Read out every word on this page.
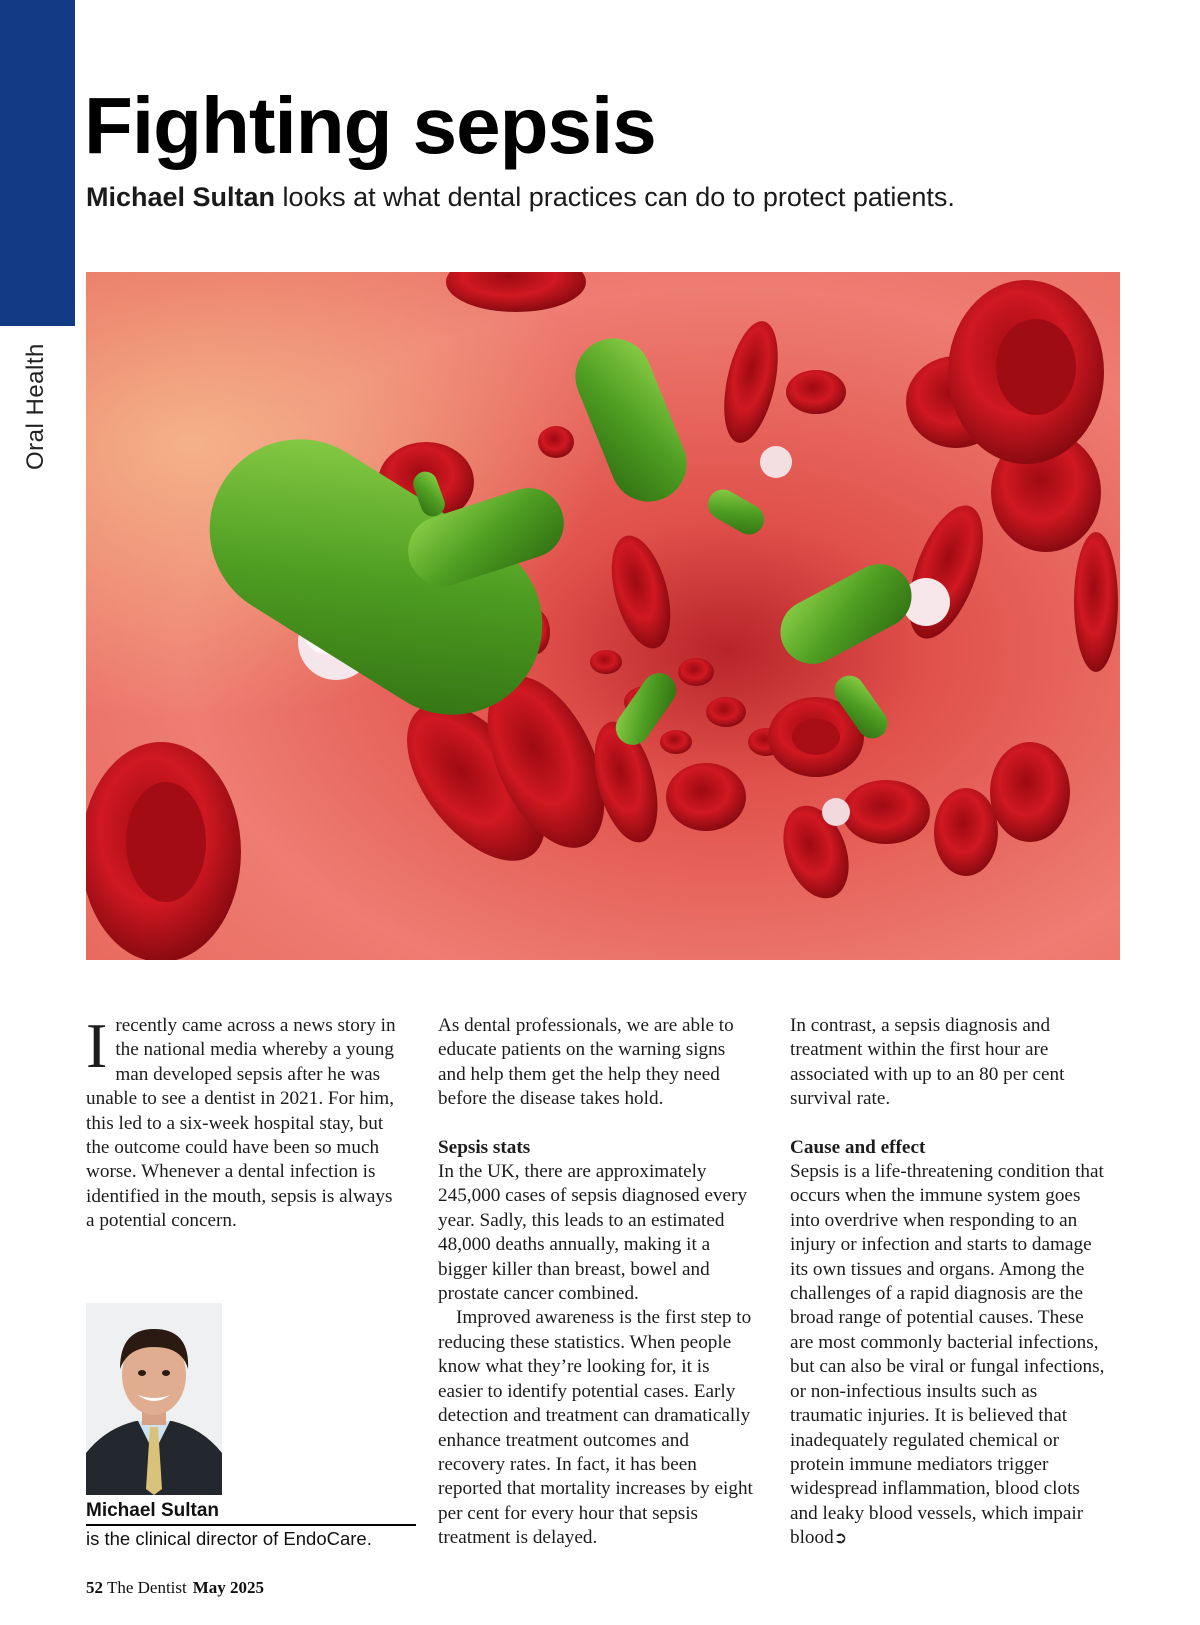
Oral Health
Fighting sepsis
Michael Sultan looks at what dental practices can do to protect patients.

Irecently came across a news story in the national media whereby a young man developed sepsis after he was unable to see a dentist in 2021. For him, this led to a six-week hospital stay, but the outcome could have been so much worse. Whenever a dental infection is identified in the mouth, sepsis is always a potential concern.

As dental professionals, we are able to educate patients on the warning signs and help them get the help they need before the disease takes hold.

Sepsis stats

In the UK, there are approximately 245,000 cases of sepsis diagnosed every year. Sadly, this leads to an estimated 48,000 deaths annually, making it a bigger killer than breast, bowel and prostate cancer combined.

Improved awareness is the first step to reducing these statistics. When people know what they’re looking for, it is easier to identify potential cases. Early detection and treatment can dramatically enhance treatment outcomes and recovery rates. In fact, it has been reported that mortality increases by eight per cent for every hour that sepsis treatment is delayed.

In contrast, a sepsis diagnosis and treatment within the first hour are associated with up to an 80 per cent survival rate.

Cause and effect

Sepsis is a life-threatening condition that occurs when the immune system goes into overdrive when responding to an injury or infection and starts to damage its own tissues and organs. Among the challenges of a rapid diagnosis are the broad range of potential causes. These are most commonly bacterial infections, but can also be viral or fungal infections, or non-infectious insults such as traumatic injuries. It is believed that inadequately regulated chemical or protein immune mediators trigger widespread inflammation, blood clots and leaky blood vessels, which impair blood➲

Michael Sultan
is the clinical director of EndoCare.
52 The Dentist May 2025
